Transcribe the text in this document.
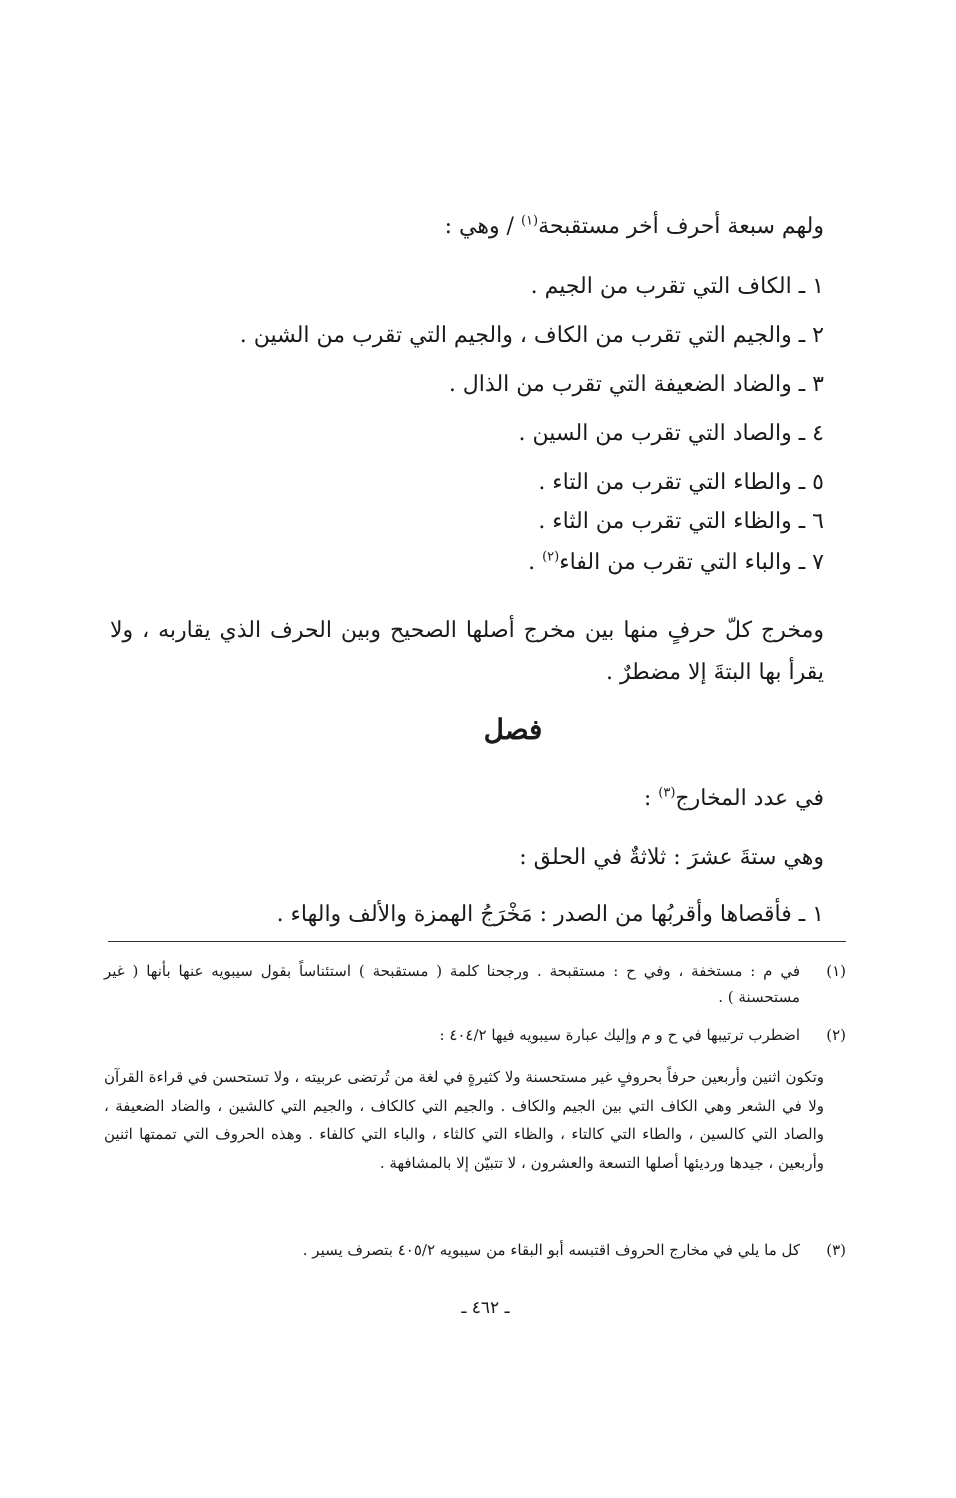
ولهم سبعة أحرف أخر مستقبحة$^{(١)}$ / وهي :
١ ـ الكاف التي تقرب من الجيم .
٢ ـ والجيم التي تقرب من الكاف ، والجيم التي تقرب من الشين .
٣ ـ والضاد الضعيفة التي تقرب من الذال .
٤ ـ والصاد التي تقرب من السين .
٥ ـ والطاء التي تقرب من التاء .
٦ ـ والظاء التي تقرب من الثاء .
٧ ـ والباء التي تقرب من الفاء$^{(٢)}$ .
ومخرج كلّ حرفٍ منها بين مخرج أصلها الصحيح وبين الحرف الذي يقاربه ، ولا يقرأ بها البتةَ إلا مضطرٌ .
فصل
في عدد المخارج$^{(٣)}$ :
وهي ستةَ عشرَ : ثلاثةٌ في الحلق :
١ ـ فأقصاها وأقربُها من الصدر : مَخْرَجُ الهمزة والألف والهاء .
(١)
في م : مستخفة ، وفي ح : مستقبحة . ورجحنا كلمة ( مستقبحة ) استئناساً بقول سيبويه عنها بأنها ( غير مستحسنة ) .
(٢)
اضطرب ترتيبها في ح و م وإليك عبارة سيبويه فيها ٤٠٤/٢ :
وتكون اثنين وأربعين حرفاً بحروفٍ غير مستحسنة ولا كثيرةٍ في لغة من تُرتضى عربيته ، ولا تستحسن في قراءة القرآن ولا في الشعر وهي الكاف التي بين الجيم والكاف . والجيم التي كالكاف ، والجيم التي كالشين ، والضاد الضعيفة ، والصاد التي كالسين ، والطاء التي كالتاء ، والظاء التي كالثاء ، والباء التي كالفاء . وهذه الحروف التي تممتها اثنين وأربعين ، جيدها ورديئها أصلها التسعة والعشرون ، لا تتبيّن إلا بالمشافهة .
(٣)
كل ما يلي في مخارج الحروف اقتبسه أبو البقاء من سيبويه ٤٠٥/٢ بتصرف يسير .
ـ ٤٦٢ ـ
